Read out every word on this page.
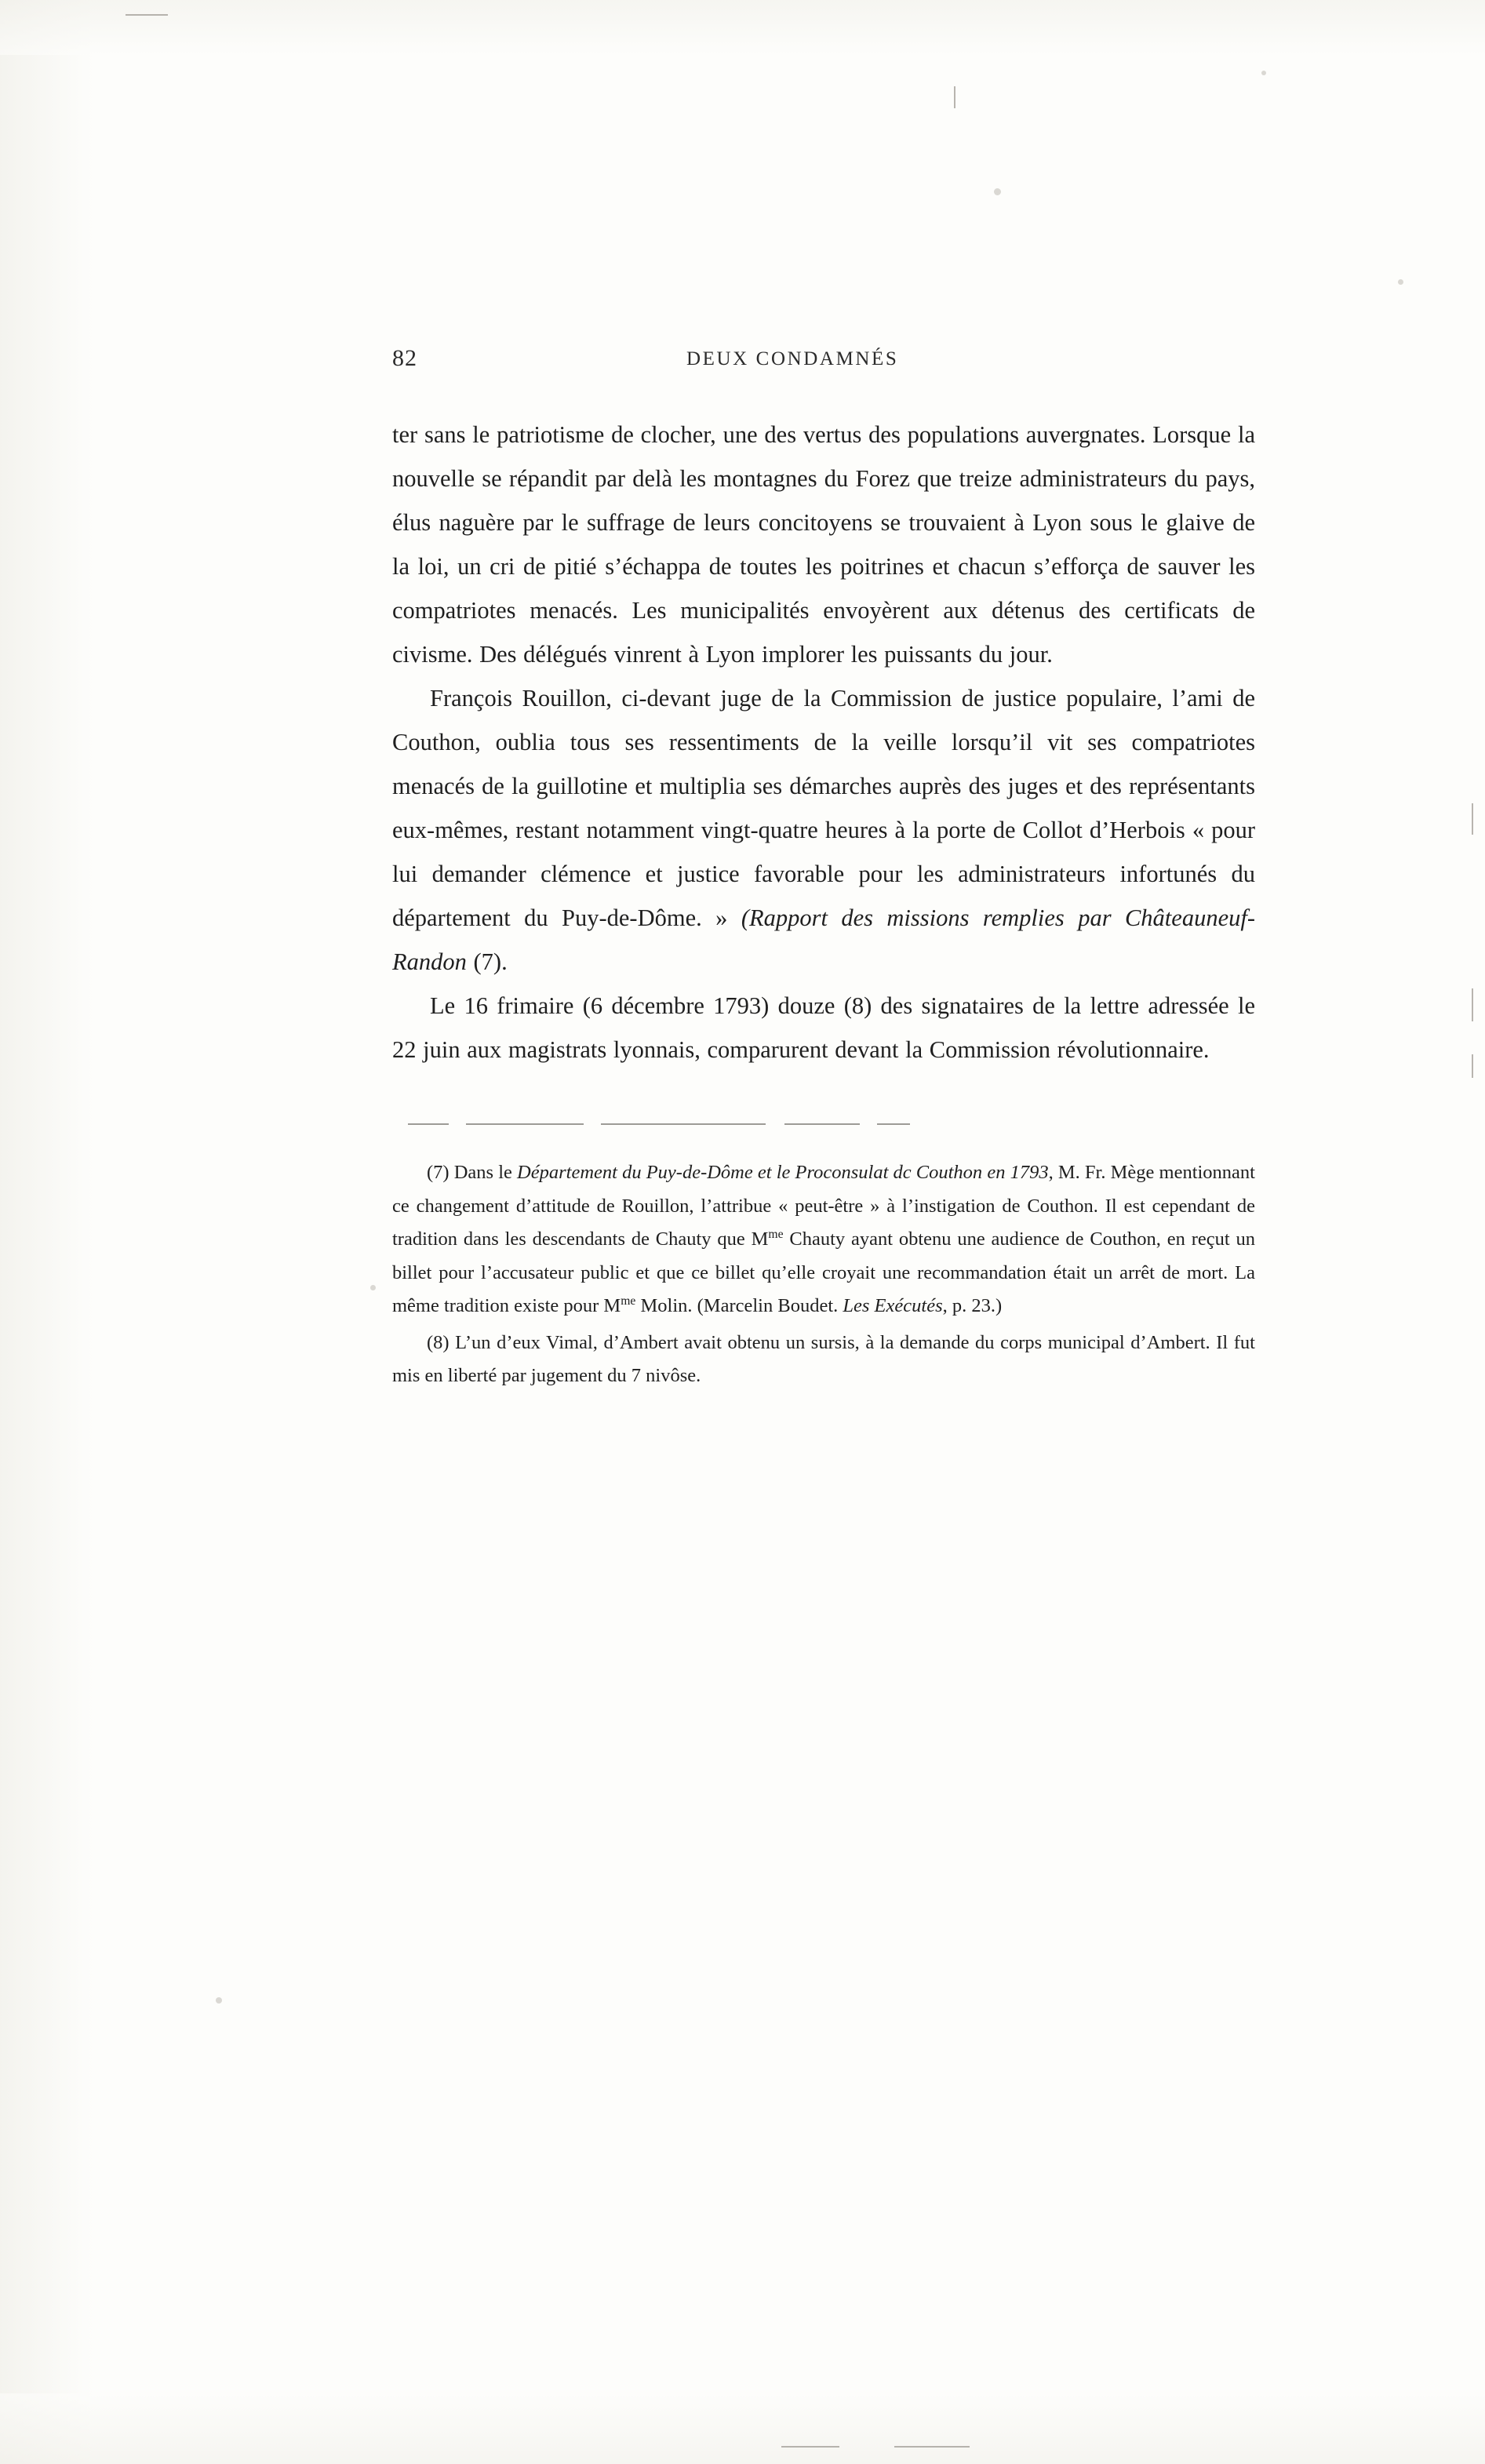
82	DEUX CONDAMNÉS

ter sans le patriotisme de clocher, une des vertus des populations auvergnates. Lorsque la nouvelle se répandit par delà les montagnes du Forez que treize administrateurs du pays, élus naguère par le suffrage de leurs concitoyens se trouvaient à Lyon sous le glaive de la loi, un cri de pitié s’échappa de toutes les poitrines et chacun s’efforça de sauver les compatriotes menacés. Les municipalités envoyèrent aux détenus des certificats de civisme. Des délégués vinrent à Lyon implorer les puissants du jour.

François Rouillon, ci-devant juge de la Commission de justice populaire, l’ami de Couthon, oublia tous ses ressentiments de la veille lorsqu’il vit ses compatriotes menacés de la guillotine et multiplia ses démarches auprès des juges et des représentants eux-mêmes, restant notamment vingt-quatre heures à la porte de Collot d’Herbois « pour lui demander clémence et justice favorable pour les administrateurs infortunés du département du Puy-de-Dôme. » (Rapport des missions remplies par Châteauneuf-Randon (7).

Le 16 frimaire (6 décembre 1793) douze (8) des signataires de la lettre adressée le 22 juin aux magistrats lyonnais, comparurent devant la Commission révolutionnaire.

(7) Dans le Département du Puy-de-Dôme et le Proconsulat dc Couthon en 1793, M. Fr. Mège mentionnant ce changement d’attitude de Rouillon, l’attribue « peut-être » à l’instigation de Couthon. Il est cependant de tradition dans les descendants de Chauty que $M^{me}$ Chauty ayant obtenu une audience de Couthon, en reçut un billet pour l’accusateur public et que ce billet qu’elle croyait une recommandation était un arrêt de mort. La même tradition existe pour $M^{me}$ Molin. (Marcelin Boudet. Les Exécutés, p. 23.)

(8) L’un d’eux Vimal, d’Ambert avait obtenu un sursis, à la demande du corps municipal d’Ambert. Il fut mis en liberté par jugement du 7 nivôse.
